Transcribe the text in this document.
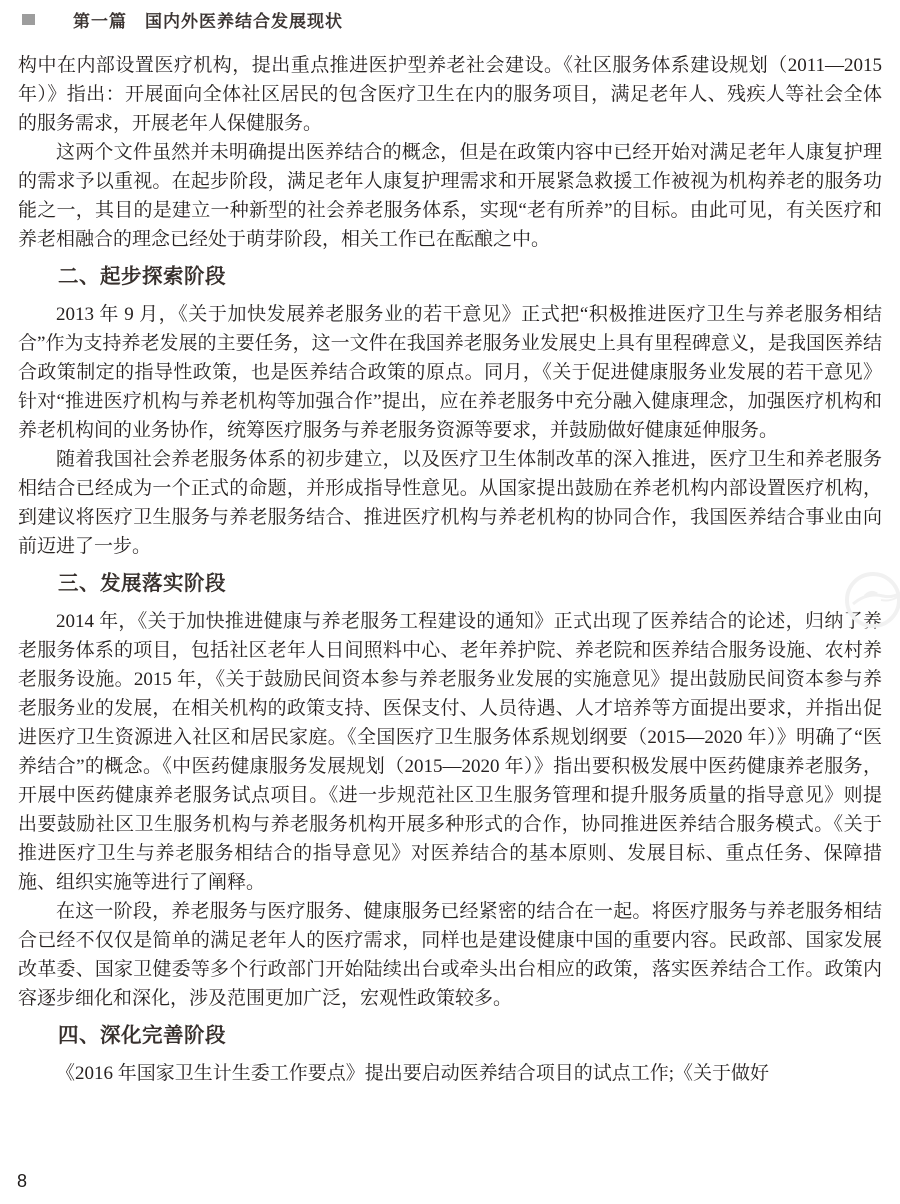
第一篇 国内外医养结合发展现状

构中在内部设置医疗机构，提出重点推进医护型养老社会建设。《社区服务体系建设规划（2011—2015 年）》指出：开展面向全体社区居民的包含医疗卫生在内的服务项目，满足老年人、残疾人等社会全体的服务需求，开展老年人保健服务。

这两个文件虽然并未明确提出医养结合的概念，但是在政策内容中已经开始对满足老年人康复护理的需求予以重视。在起步阶段，满足老年人康复护理需求和开展紧急救援工作被视为机构养老的服务功能之一，其目的是建立一种新型的社会养老服务体系，实现“老有所养”的目标。由此可见，有关医疗和养老相融合的理念已经处于萌芽阶段，相关工作已在酝酿之中。

二、起步探索阶段

2013 年 9 月，《关于加快发展养老服务业的若干意见》正式把“积极推进医疗卫生与养老服务相结合”作为支持养老发展的主要任务，这一文件在我国养老服务业发展史上具有里程碑意义，是我国医养结合政策制定的指导性政策，也是医养结合政策的原点。同月，《关于促进健康服务业发展的若干意见》针对“推进医疗机构与养老机构等加强合作”提出，应在养老服务中充分融入健康理念，加强医疗机构和养老机构间的业务协作，统筹医疗服务与养老服务资源等要求，并鼓励做好健康延伸服务。

随着我国社会养老服务体系的初步建立，以及医疗卫生体制改革的深入推进，医疗卫生和养老服务相结合已经成为一个正式的命题，并形成指导性意见。从国家提出鼓励在养老机构内部设置医疗机构，到建议将医疗卫生服务与养老服务结合、推进医疗机构与养老机构的协同合作，我国医养结合事业由向前迈进了一步。

三、发展落实阶段

2014 年，《关于加快推进健康与养老服务工程建设的通知》正式出现了医养结合的论述，归纳了养老服务体系的项目，包括社区老年人日间照料中心、老年养护院、养老院和医养结合服务设施、农村养老服务设施。2015 年，《关于鼓励民间资本参与养老服务业发展的实施意见》提出鼓励民间资本参与养老服务业的发展，在相关机构的政策支持、医保支付、人员待遇、人才培养等方面提出要求，并指出促进医疗卫生资源进入社区和居民家庭。《全国医疗卫生服务体系规划纲要（2015—2020 年）》明确了“医养结合”的概念。《中医药健康服务发展规划（2015—2020 年）》指出要积极发展中医药健康养老服务，开展中医药健康养老服务试点项目。《进一步规范社区卫生服务管理和提升服务质量的指导意见》则提出要鼓励社区卫生服务机构与养老服务机构开展多种形式的合作，协同推进医养结合服务模式。《关于推进医疗卫生与养老服务相结合的指导意见》对医养结合的基本原则、发展目标、重点任务、保障措施、组织实施等进行了阐释。

在这一阶段，养老服务与医疗服务、健康服务已经紧密的结合在一起。将医疗服务与养老服务相结合已经不仅仅是简单的满足老年人的医疗需求，同样也是建设健康中国的重要内容。民政部、国家发展改革委、国家卫健委等多个行政部门开始陆续出台或牵头出台相应的政策，落实医养结合工作。政策内容逐步细化和深化，涉及范围更加广泛，宏观性政策较多。

四、深化完善阶段

《2016 年国家卫生计生委工作要点》提出要启动医养结合项目的试点工作;《关于做好

8
